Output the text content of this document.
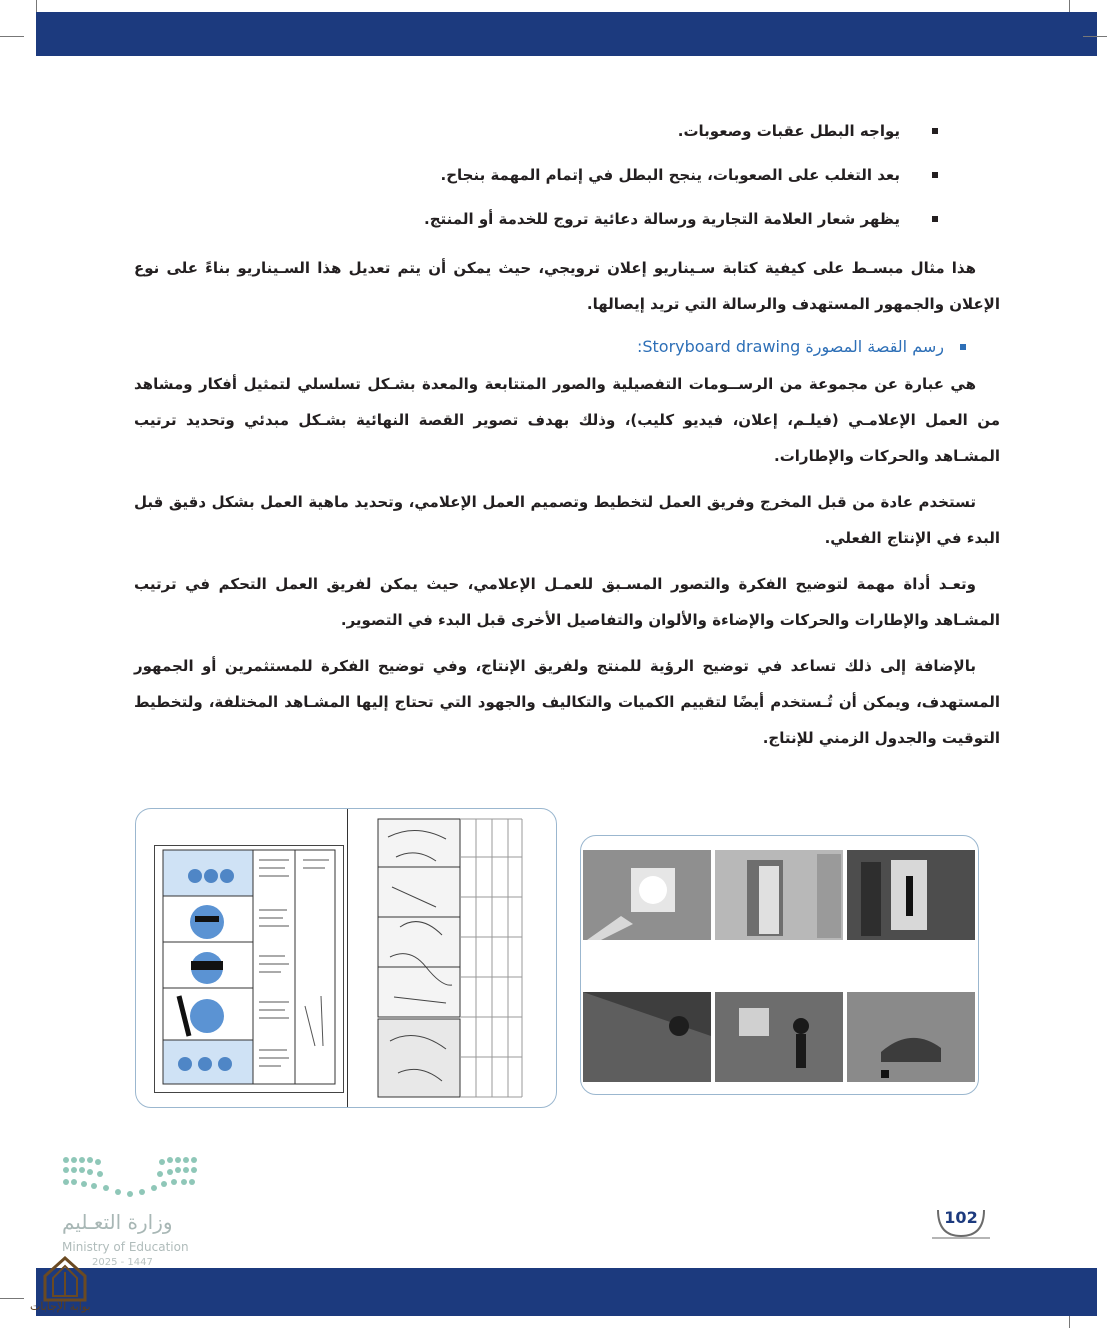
يواجه البطل عقبات وصعوبات.
بعد التغلب على الصعوبات، ينجح البطل في إتمام المهمة بنجاح.
يظهر شعار العلامة التجارية ورسالة دعائية تروج للخدمة أو المنتج.

هذا مثال مبسـط على كيفية كتابة سـيناريو إعلان ترويجي، حيث يمكن أن يتم تعديل هذا السـيناريو بناءً على نوع الإعلان والجمهور المستهدف والرسالة التي تريد إيصالها.

رسم القصة المصورة Storyboard drawing:

هي عبارة عن مجموعة من الرســومات التفصيلية والصور المتتابعة والمعدة بشـكل تسلسلي لتمثيل أفكار ومشاهد من العمل الإعلامـي (فيلـم، إعلان، فيديو كليب)، وذلك بهدف تصوير القصة النهائية بشـكل مبدئي وتحديد ترتيب المشـاهد والحركات والإطارات.

تستخدم عادة من قبل المخرج وفريق العمل لتخطيط وتصميم العمل الإعلامي، وتحديد ماهية العمل بشكل دقيق قبل البدء في الإنتاج الفعلي.

وتعـد أداة مهمة لتوضيح الفكرة والتصور المسـبق للعمـل الإعلامي، حيث يمكن لفريق العمل التحكم في ترتيب المشـاهد والإطارات والحركات والإضاءة والألوان والتفاصيل الأخرى قبل البدء في التصوير.

بالإضافة إلى ذلك تساعد في توضيح الرؤية للمنتج ولفريق الإنتاج، وفي توضيح الفكرة للمستثمرين أو الجمهور المستهدف، ويمكن أن تُـستخدم أيضًا لتقييم الكميات والتكاليف والجهود التي تحتاج إليها المشـاهد المختلفة، ولتخطيط التوقيت والجدول الزمني للإنتاج.

وزارة التعـليم
Ministry of Education
2025 - 1447
102
بوابة الإجابات
